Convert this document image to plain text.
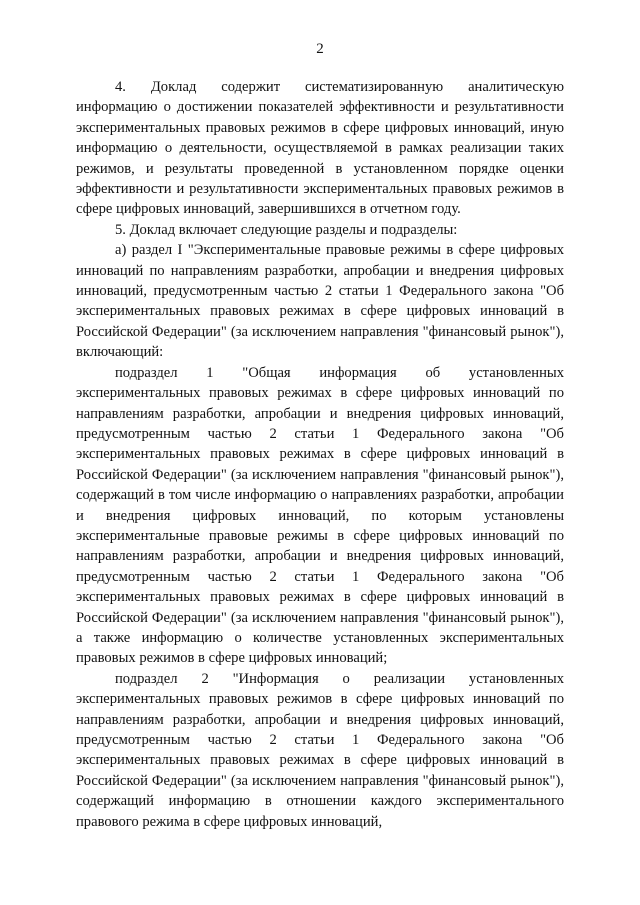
2

4. Доклад содержит систематизированную аналитическую информацию о достижении показателей эффективности и результативности экспериментальных правовых режимов в сфере цифровых инноваций, иную информацию о деятельности, осуществляемой в рамках реализации таких режимов, и результаты проведенной в установленном порядке оценки эффективности и результативности экспериментальных правовых режимов в сфере цифровых инноваций, завершившихся в отчетном году.

5. Доклад включает следующие разделы и подразделы:

а) раздел I "Экспериментальные правовые режимы в сфере цифровых инноваций по направлениям разработки, апробации и внедрения цифровых инноваций, предусмотренным частью 2 статьи 1 Федерального закона "Об экспериментальных правовых режимах в сфере цифровых инноваций в Российской Федерации" (за исключением направления "финансовый рынок"), включающий:

подраздел 1 "Общая информация об установленных экспериментальных правовых режимах в сфере цифровых инноваций по направлениям разработки, апробации и внедрения цифровых инноваций, предусмотренным частью 2 статьи 1 Федерального закона "Об экспериментальных правовых режимах в сфере цифровых инноваций в Российской Федерации" (за исключением направления "финансовый рынок"), содержащий в том числе информацию о направлениях разработки, апробации и внедрения цифровых инноваций, по которым установлены экспериментальные правовые режимы в сфере цифровых инноваций по направлениям разработки, апробации и внедрения цифровых инноваций, предусмотренным частью 2 статьи 1 Федерального закона "Об экспериментальных правовых режимах в сфере цифровых инноваций в Российской Федерации" (за исключением направления "финансовый рынок"), а также информацию о количестве установленных экспериментальных правовых режимов в сфере цифровых инноваций;

подраздел 2 "Информация о реализации установленных экспериментальных правовых режимов в сфере цифровых инноваций по направлениям разработки, апробации и внедрения цифровых инноваций, предусмотренным частью 2 статьи 1 Федерального закона "Об экспериментальных правовых режимах в сфере цифровых инноваций в Российской Федерации" (за исключением направления "финансовый рынок"), содержащий информацию в отношении каждого экспериментального правового режима в сфере цифровых инноваций,
